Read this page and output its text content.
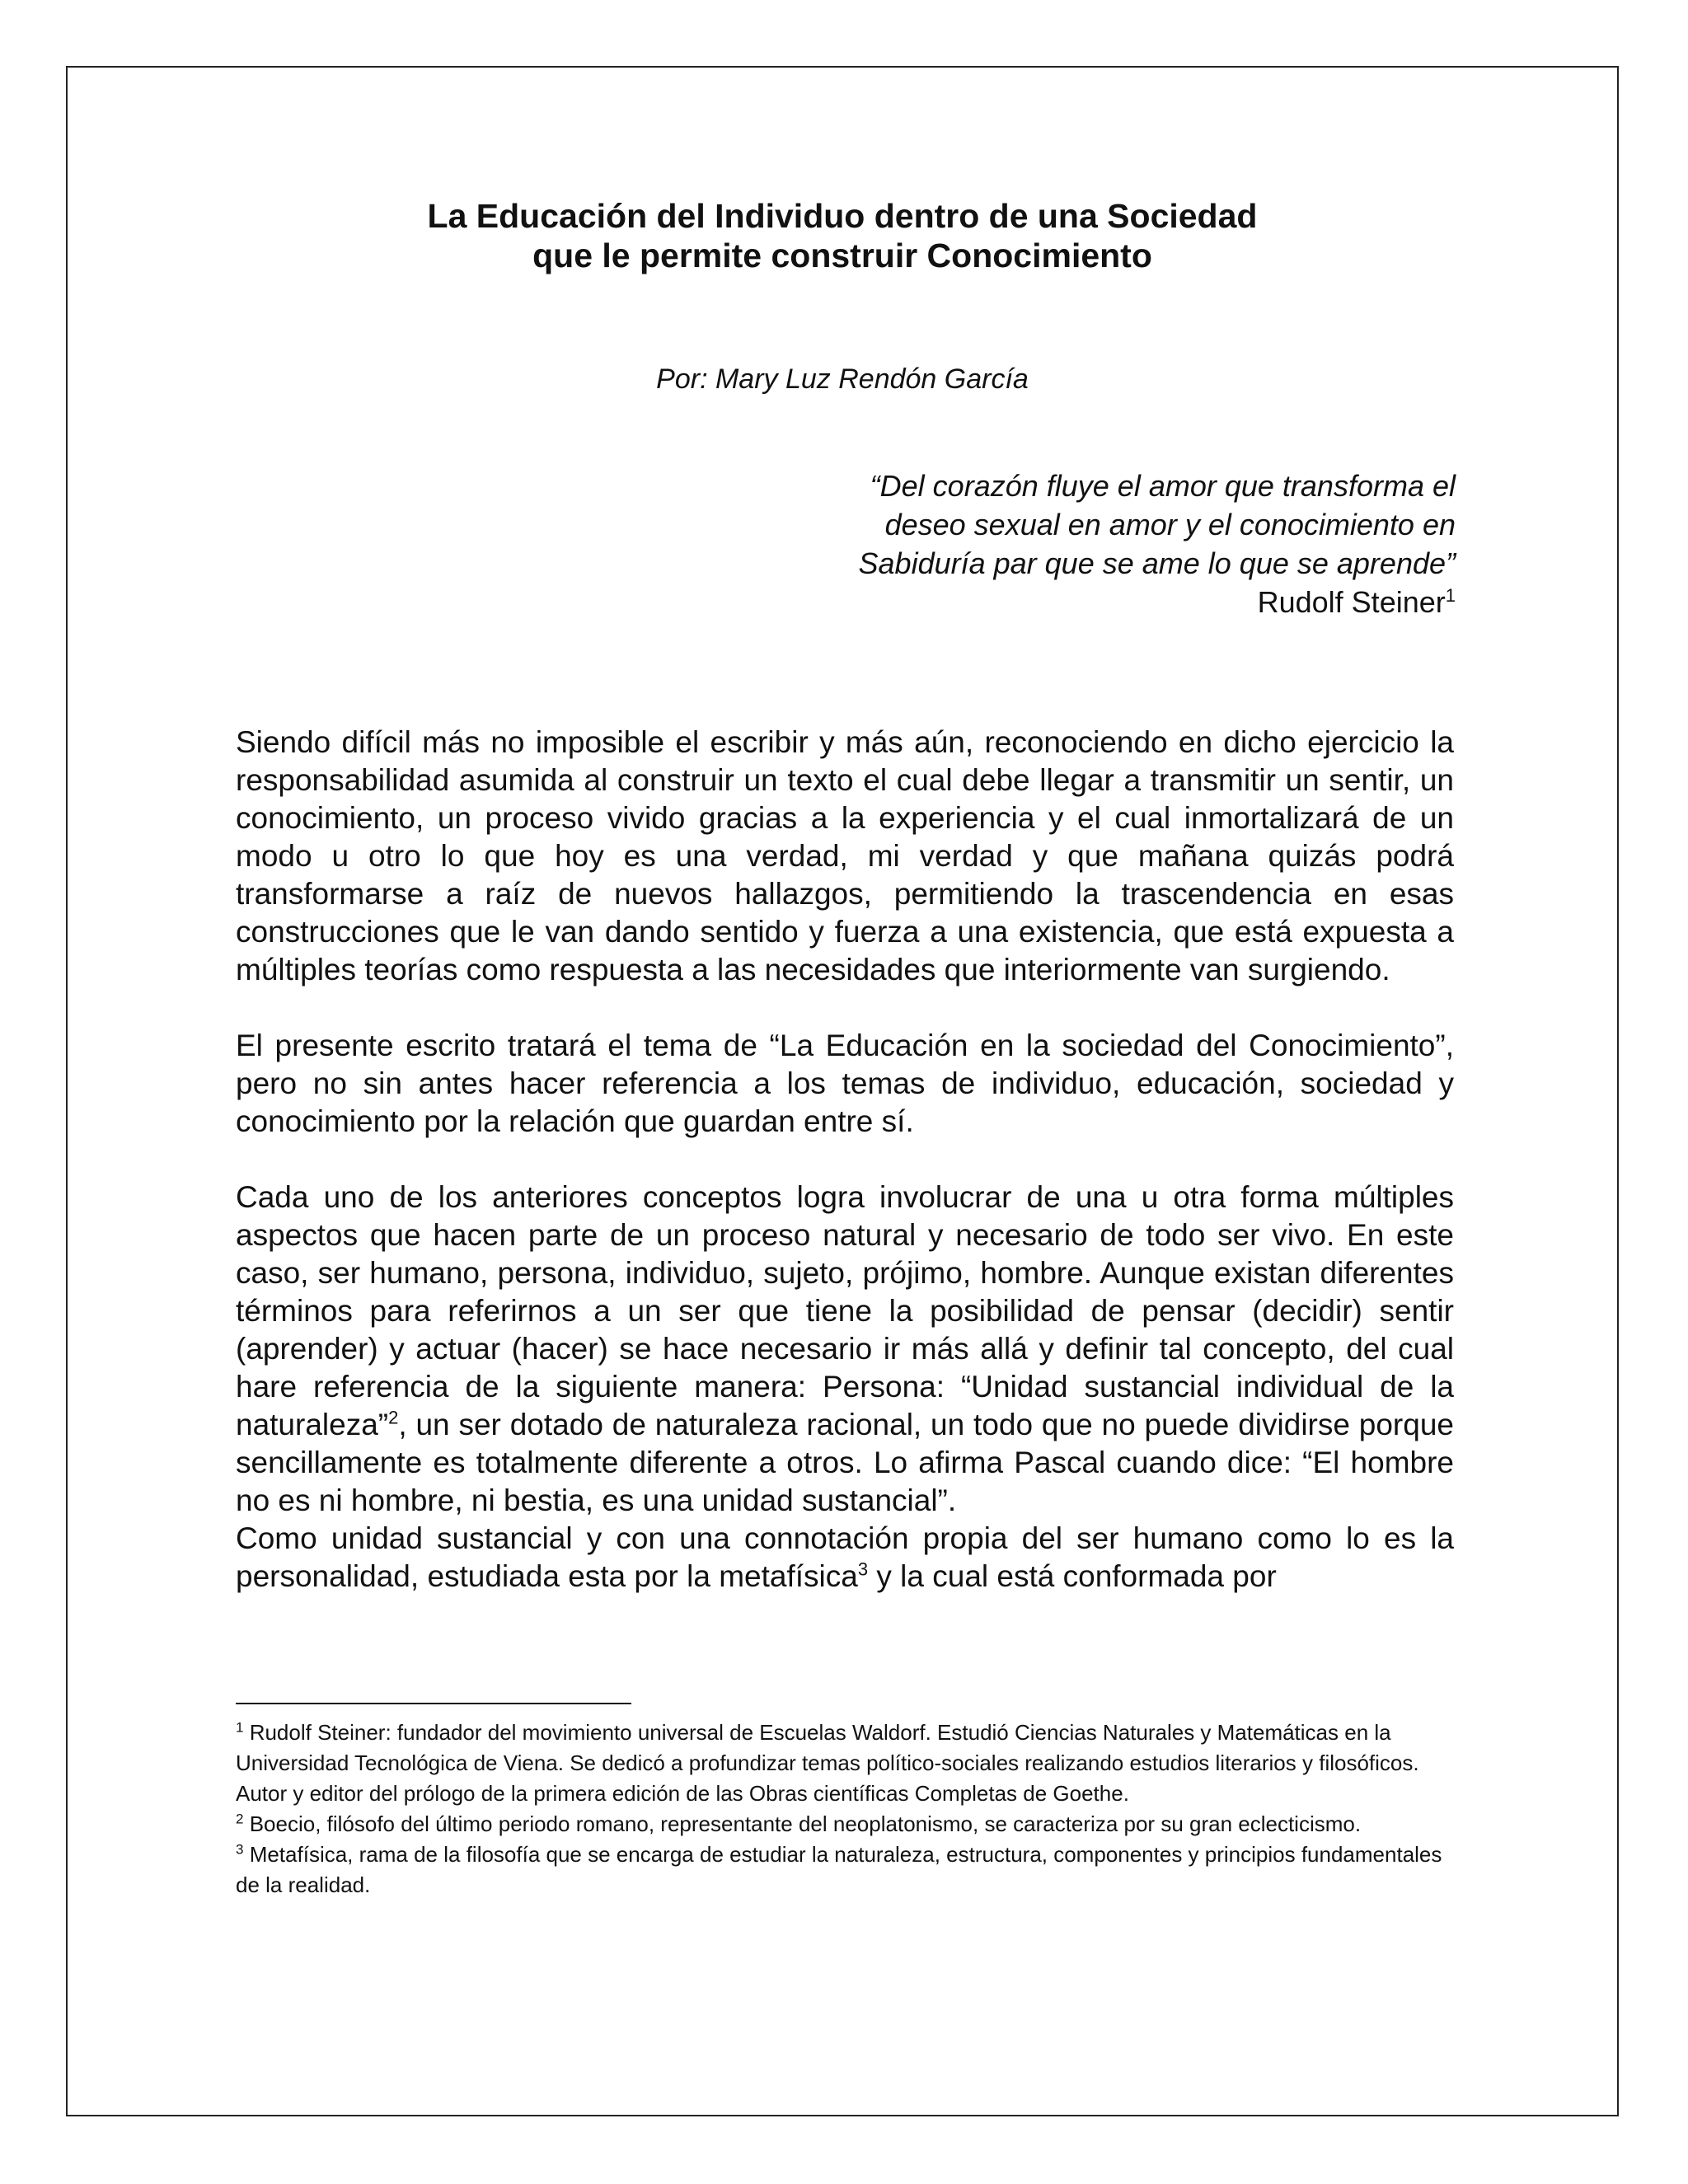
La Educación del Individuo dentro de una Sociedad
que le permite construir Conocimiento
Por: Mary Luz Rendón García
“Del corazón fluye el amor que transforma el
deseo sexual en amor y el conocimiento en
Sabiduría par que se ame lo que se aprende”
Rudolf Steiner$^1$

Siendo difícil más no imposible el escribir y más aún, reconociendo en dicho ejercicio la responsabilidad asumida al construir un texto el cual debe llegar a transmitir un sentir, un conocimiento, un proceso vivido gracias a la experiencia y el cual inmortalizará de un modo u otro lo que hoy es una verdad, mi verdad y que mañana quizás podrá transformarse a raíz de nuevos hallazgos, permitiendo la trascendencia en esas construcciones que le van dando sentido y fuerza a una existencia, que está expuesta a múltiples teorías como respuesta a las necesidades que interiormente van surgiendo.

El presente escrito tratará el tema de “La Educación en la sociedad del Conocimiento”, pero no sin antes hacer referencia a los temas de individuo, educación, sociedad y conocimiento por la relación que guardan entre sí.

Cada uno de los anteriores conceptos logra involucrar de una u otra forma múltiples aspectos que hacen parte de un proceso natural y necesario de todo ser vivo. En este caso, ser humano, persona, individuo, sujeto, prójimo, hombre. Aunque existan diferentes términos para referirnos a un ser que tiene la posibilidad de pensar (decidir) sentir (aprender) y actuar (hacer) se hace necesario ir más allá y definir tal concepto, del cual hare referencia de la siguiente manera: Persona: “Unidad sustancial individual de la naturaleza”$^2$, un ser dotado de naturaleza racional, un todo que no puede dividirse porque sencillamente es totalmente diferente a otros. Lo afirma Pascal cuando dice: “El hombre no es ni hombre, ni bestia, es una unidad sustancial”.

Como unidad sustancial y con una connotación propia del ser humano como lo es la personalidad, estudiada esta por la metafísica$^3$ y la cual está conformada por

$^1$ Rudolf Steiner: fundador del movimiento universal de Escuelas Waldorf. Estudió Ciencias Naturales y Matemáticas en la Universidad Tecnológica de Viena. Se dedicó a profundizar temas político-sociales realizando estudios literarios y filosóficos. Autor y editor del prólogo de la primera edición de las Obras científicas Completas de Goethe.

$^2$ Boecio, filósofo del último periodo romano, representante del neoplatonismo, se caracteriza por su gran eclecticismo.

$^3$ Metafísica, rama de la filosofía que se encarga de estudiar la naturaleza, estructura, componentes y principios fundamentales de la realidad.
